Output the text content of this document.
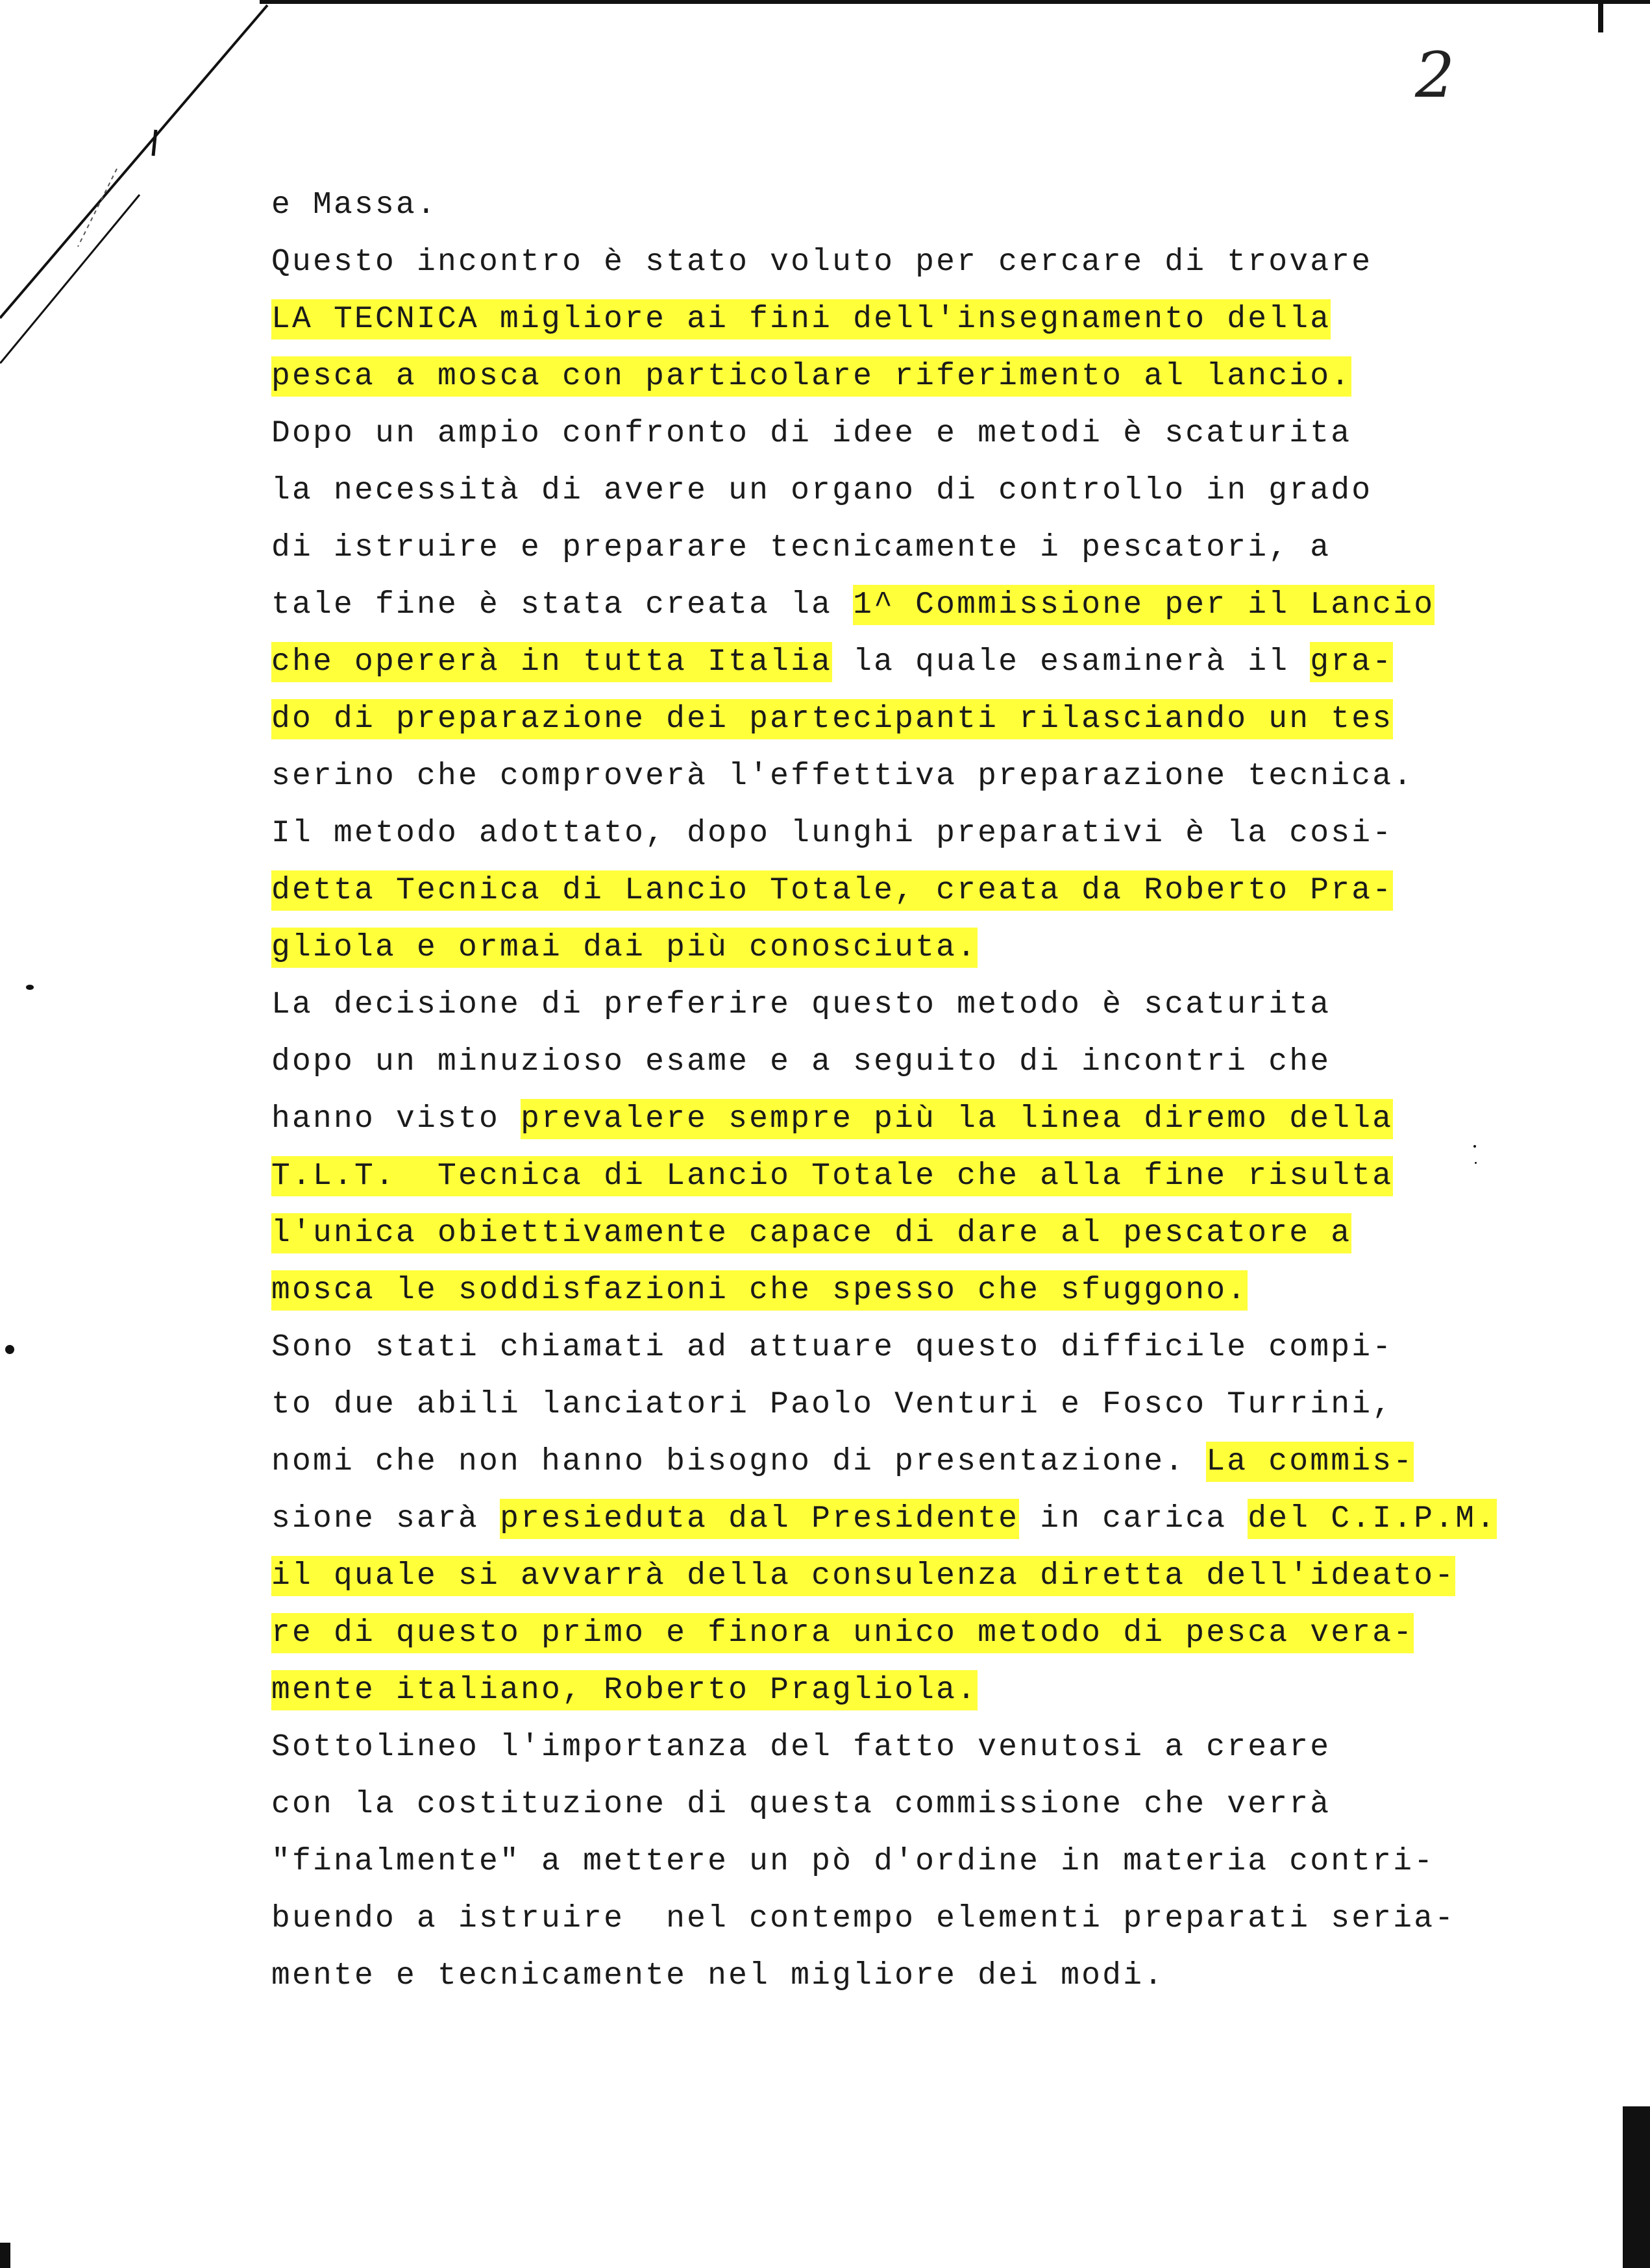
2
e Massa.
Questo incontro è stato voluto per cercare di trovare
LA TECNICA migliore ai fini dell'insegnamento della
pesca a mosca con particolare riferimento al lancio.
Dopo un ampio confronto di idee e metodi è scaturita
la necessità di avere un organo di controllo in grado
di istruire e preparare tecnicamente i pescatori, a
tale fine è stata creata la 1^ Commissione per il Lancio
che opererà in tutta Italia la quale esaminerà il gra-
do di preparazione dei partecipanti rilasciando un tes
serino che comproverà l'effettiva preparazione tecnica.
Il metodo adottato, dopo lunghi preparativi è la cosi-
detta Tecnica di Lancio Totale, creata da Roberto Pra-
gliola e ormai dai più conosciuta.
La decisione di preferire questo metodo è scaturita
dopo un minuzioso esame e a seguito di incontri che
hanno visto prevalere sempre più la linea diremo della
T.L.T.  Tecnica di Lancio Totale che alla fine risulta
l'unica obiettivamente capace di dare al pescatore a
mosca le soddisfazioni che spesso che sfuggono.
Sono stati chiamati ad attuare questo difficile compi-
to due abili lanciatori Paolo Venturi e Fosco Turrini,
nomi che non hanno bisogno di presentazione. La commis-
sione sarà presieduta dal Presidente in carica del C.I.P.M.
il quale si avvarrà della consulenza diretta dell'ideato-
re di questo primo e finora unico metodo di pesca vera-
mente italiano, Roberto Pragliola.
Sottolineo l'importanza del fatto venutosi a creare
con la costituzione di questa commissione che verrà
"finalmente" a mettere un pò d'ordine in materia contri-
buendo a istruire  nel contempo elementi preparati seria-
mente e tecnicamente nel migliore dei modi.
